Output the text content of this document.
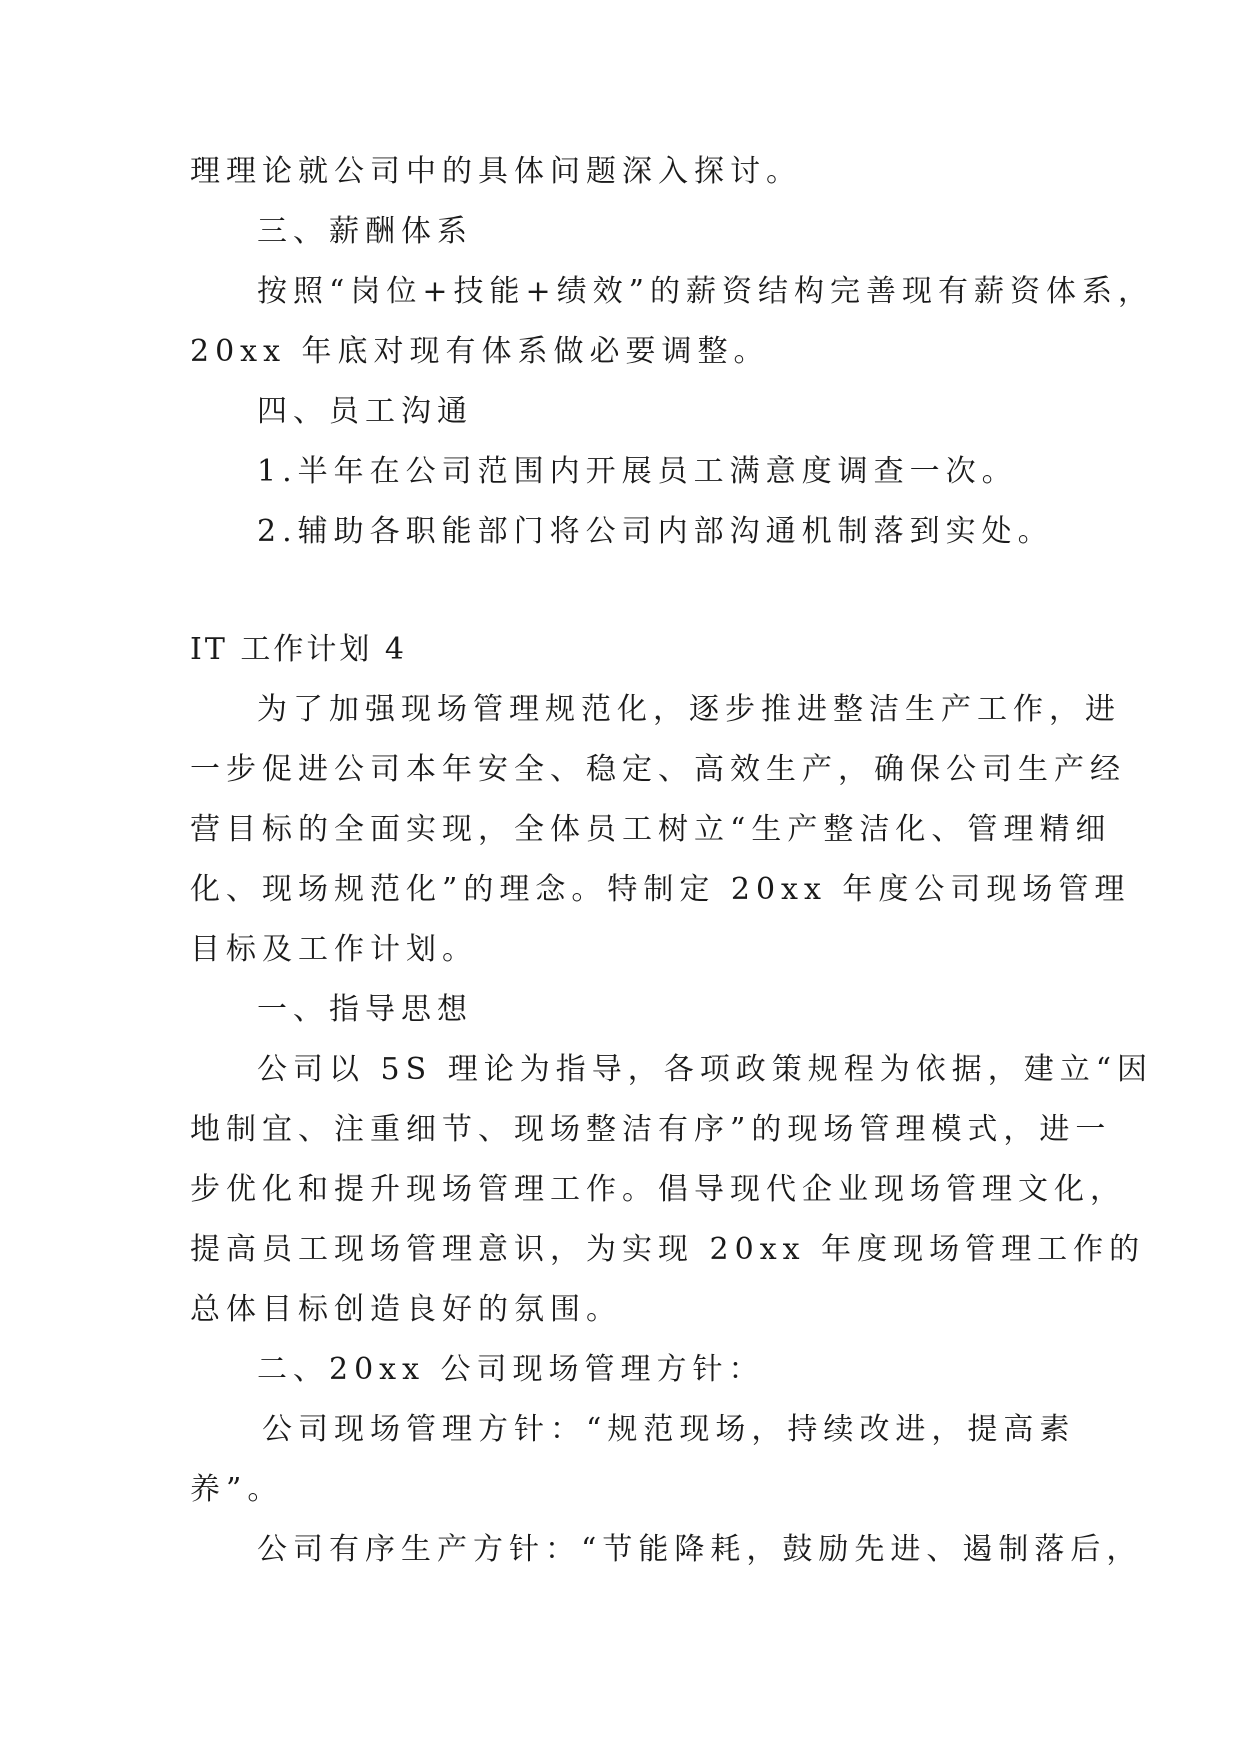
理理论就公司中的具体问题深入探讨。
三、薪酬体系
按照“岗位+技能+绩效”的薪资结构完善现有薪资体系，
20xx 年底对现有体系做必要调整。
四、员工沟通
1.半年在公司范围内开展员工满意度调查一次。
2.辅助各职能部门将公司内部沟通机制落到实处。
IT 工作计划 4
为了加强现场管理规范化，逐步推进整洁生产工作，进
一步促进公司本年安全、稳定、高效生产，确保公司生产经
营目标的全面实现，全体员工树立“生产整洁化、管理精细
化、现场规范化”的理念。特制定 20xx 年度公司现场管理
目标及工作计划。
一、指导思想
公司以 5S 理论为指导，各项政策规程为依据，建立“因
地制宜、注重细节、现场整洁有序”的现场管理模式，进一
步优化和提升现场管理工作。倡导现代企业现场管理文化，
提高员工现场管理意识，为实现 20xx 年度现场管理工作的
总体目标创造良好的氛围。
二、20xx 公司现场管理方针：
公司现场管理方针：“规范现场，持续改进，提高素
养”。
公司有序生产方针：“节能降耗，鼓励先进、遏制落后，
